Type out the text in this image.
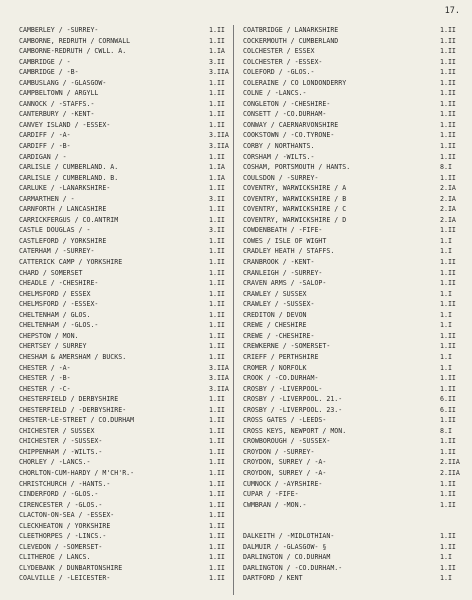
17.
CAMBERLEY / -SURREY-	1.II
CAMBORNE, REDRUTH / CORNWALL	1.II
CAMBORNE-REDRUTH / CWLL. A.	1.IA
CAMBRIDGE / -	3.II
CAMBRIDGE / -B-	3.IIA
CAMBUSLANG / -GLASGOW-	1.II
CAMPBELTOWN / ARGYLL	1.II
CANNOCK / -STAFFS.-	1.II
CANTERBURY / -KENT-	1.II
CANVEY ISLAND / -ESSEX-	1.II
CARDIFF / -A-	3.IIA
CARDIFF / -B-	3.IIA
CARDIGAN / -	1.II
CARLISLE / CUMBERLAND. A.	1.IA
CARLISLE / CUMBERLAND. B.	1.IA
CARLUKE / -LANARKSHIRE-	1.II
CARMARTHEN / -	3.II
CARNFORTH / LANCASHIRE	1.II
CARRICKFERGUS / CO.ANTRIM	1.II
CASTLE DOUGLAS / -	3.II
CASTLEFORD / YORKSHIRE	1.II
CATERHAM / -SURREY-	1.II
CATTERICK CAMP / YORKSHIRE	1.II
CHARD / SOMERSET	1.II
CHEADLE / -CHESHIRE-	1.II
CHELMSFORD / ESSEX	1.II
CHELMSFORD / -ESSEX-	1.II
CHELTENHAM / GLOS.	1.II
CHELTENHAM / -GLOS.-	1.II
CHEPSTOW / MON.	1.II
CHERTSEY / SURREY	1.II
CHESHAM & AMERSHAM / BUCKS.	1.II
CHESTER / -A-	3.IIA
CHESTER / -B-	3.IIA
CHESTER / -C-	3.IIA
CHESTERFIELD / DERBYSHIRE	1.II
CHESTERFIELD / -DERBYSHIRE-	1.II
CHESTER-LE-STREET / CO.DURHAM	1.II
CHICHESTER / SUSSEX	1.II
CHICHESTER / -SUSSEX-	1.II
CHIPPENHAM / -WILTS.-	1.II
CHORLEY / -LANCS.-	1.II
CHORLTON-CUM-HARDY / M'CH'R.-	1.II
CHRISTCHURCH / -HANTS.-	1.II
CINDERFORD / -GLOS.-	1.II
CIRENCESTER / -GLOS.-	1.II
CLACTON-ON-SEA / -ESSEX-	1.II
CLECKHEATON / YORKSHIRE	1.II
CLEETHORPES / -LINCS.-	1.II
CLEVEDON / -SOMERSET-	1.II
CLITHEROE / LANCS.	1.II
CLYDEBANK / DUNBARTONSHIRE	1.II
COALVILLE / -LEICESTER-	1.II
COATBRIDGE / LANARKSHIRE	1.II
COCKERMOUTH / CUMBERLAND	1.II
COLCHESTER / ESSEX	1.II
COLCHESTER / -ESSEX-	1.II
COLEFORD / -GLOS.-	1.II
COLERAINE / CO LONDONDERRY	1.II
COLNE / -LANCS.-	1.II
CONGLETON / -CHESHIRE-	1.II
CONSETT / -CO.DURHAM-	1.II
CONWAY / CAERNARVONSHIRE	1.II
COOKSTOWN / -CO.TYRONE-	1.II
CORBY / NORTHANTS.	1.II
CORSHAM / -WILTS.-	1.II
COSHAM, PORTSMOUTH / HANTS.	8.I
COULSDON / -SURREY-	1.II
COVENTRY, WARWICKSHIRE / A	2.IA
COVENTRY, WARWICKSHIRE / B	2.IA
COVENTRY, WARWICKSHIRE / C	2.IA
COVENTRY, WARWICKSHIRE / D	2.IA
COWDENBEATH / -FIFE-	1.II
COWES / ISLE OF WIGHT	1.I
CRADLEY HEATH / STAFFS.	1.I
CRANBROOK / -KENT-	1.II
CRANLEIGH / -SURREY-	1.II
CRAVEN ARMS / -SALOP-	1.II
CRAWLEY / SUSSEX	1.I
CRAWLEY / -SUSSEX-	1.II
CREDITON / DEVON	1.I
CREWE / CHESHIRE	1.I
CREWE / -CHESHIRE-	1.II
CREWKERNE / -SOMERSET-	1.II
CRIEFF / PERTHSHIRE	1.I
CROMER / NORFOLK	1.I
CROOK / -CO.DURHAM-	1.II
CROSBY / -LIVERPOOL-	1.II
CROSBY / -LIVERPOOL. 21.-	6.II
CROSBY / -LIVERPOOL. 23.-	6.II
CROSS GATES / -LEEDS-	1.II
CROSS KEYS, NEWPORT / MON.	8.I
CROWBOROUGH / -SUSSEX-	1.II
CROYDON / -SURREY-	1.II
CROYDON, SURREY / -A-	2.IIA
CROYDON, SURREY / -A-	2.IIA
CUMNOCK / -AYRSHIRE-	1.II
CUPAR / -FIFE-	1.II
CWMBRAN / -MON.-	1.II
DALKEITH / -MIDLOTHIAN-	1.II
DALMUIR / -GLASGOW- §	1.II
DARLINGTON / CO.DURHAM	1.I
DARLINGTON / -CO.DURHAM.-	1.II
DARTFORD / KENT	1.I
